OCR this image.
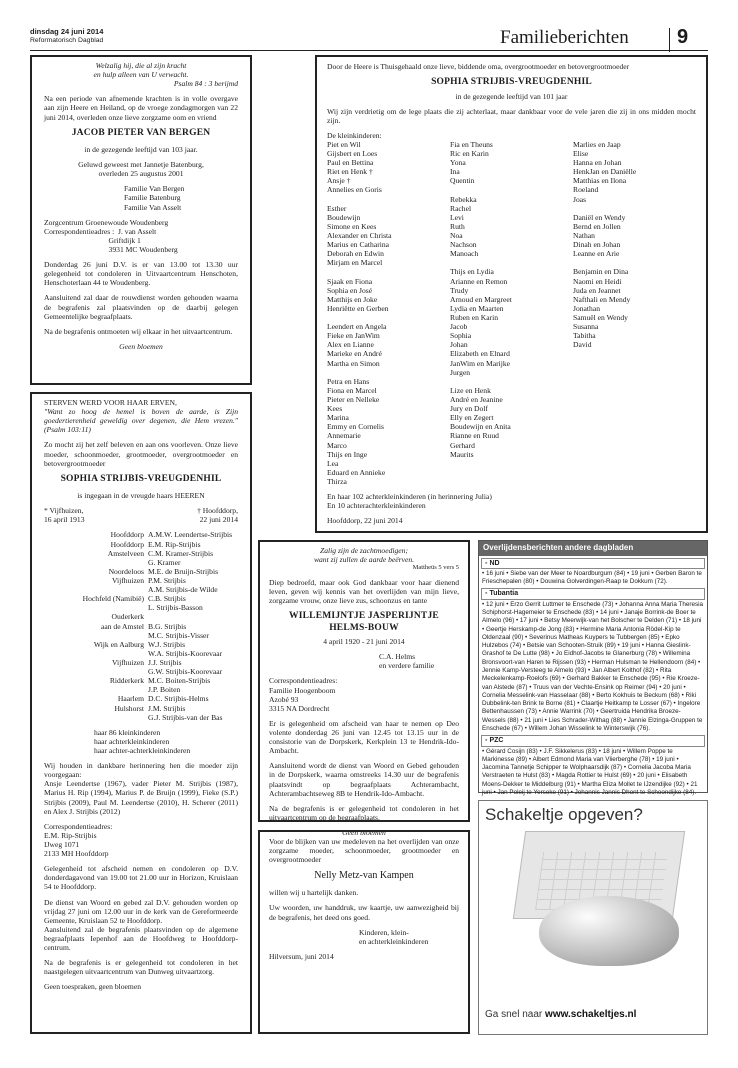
dinsdag 24 juni 2014
Reformatorisch Dagblad	Familieberichten 9
Welzalig hij, die al zijn kracht
en hulp alleen van U verwacht.
Psalm 84 : 3 berijmd
Na een periode van afnemende krachten is in volle overgave aan zijn Heere en Heiland, op de vroege zondagmorgen van 22 juni 2014, overleden onze lieve zorgzame oom en vriend
JACOB PIETER VAN BERGEN
in de gezegende leeftijd van 103 jaar.
Geluwd geweest met Jannetje Batenburg,
overleden 25 augustus 2001
Familie Van Bergen
Familie Batenburg
Familie Van Asselt
Zorgcentrum Groenewoude Woudenberg
Correspondentieadres :  J. van Asselt
Griftdijk 1
3931 MC Woudenberg
Donderdag 26 juni D.V. is er van 13.00 tot 13.30 uur gelegenheid tot condoleren in Uitvaartcentrum Henschoten, Henschoterlaan 44 te Woudenberg.
Aansluitend zal daar de rouwdienst worden gehouden waarna de begrafenis zal plaatsvinden op de daarbij gelegen Gemeentelijke begraafplaats.
Na de begrafenis ontmoeten wij elkaar in het uitvaartcentrum.
Geen bloemen
Door de Heere is Thuisgehaald onze lieve, biddende oma, overgrootmoeder en betovergrootmoeder
SOPHIA STRIJBIS-VREUGDENHIL
in de gezegende leeftijd van 101 jaar
Wij zijn verdrietig om de lege plaats die zij achterlaat, maar dankbaar voor de vele jaren die zij in ons midden mocht zijn.
De kleinkinderen:
Piet en Wil
Gijsbert en Loes
Paul en Bettina
Riet en Henk †
Ansje †
Annelies en Goris

Esther
Boudewijn
Simone en Kees
Alexander en Christa
Marius en Catharina
Deborah en Edwin
Mirjam en Marcel

Sjaak en Fiona
Sophia en José
Matthijs en Joke
Henriëtte en Gerben

Leendert en Angela
Fieke en JanWim
Alex en Lianne
Marieke en André
Martha en Simon

Petra en Hans
Fiona en Marcel
Pieter en Nelleke
Kees
Marina
Emmy en Cornelis
Annemarie
Marco
Thijs en Inge
Lea
Eduard en Annieke
Thirza
Fia en Theuns
Ric en Karin
Yona
Ina
Quentin

Rebekka
Rachel
Levi
Ruth
Noa
Nachson
Manoach

Thijs en Lydia
Arianne en Remon
Trudy
Arnoud en Margreet
Lydia en Maarten
Ruben en Karin
Jacob
Sophia
Johan
Elizabeth en Elnard
JanWim en Marijke
Jurgen

Lize en Henk
André en Jeanine
Jury en Dolf
Elly en Zegert
Boudewijn en Anita
Rianne en Ruud
Gerhard
Maurits
Marlies en Jaap
Elise
Hanna en Johan
HenkJan en Daniëlle
Matthias en Ilona
Roeland
Joas

Daniël en Wendy
Bernd en Jollen
Nathan
Dinah en Johan
Leanne en Arie

Benjamin en Dina
Naomi en Heidi
Juda en Jeannet
Nafthali en Mendy
Jonathan
Samuël en Wendy
Susanna
Tabitha
David
En haar 102 achterkleinkinderen (in herinnering Julia)
En 10 achterachterkleinkinderen
Hoofddorp, 22 juni 2014
STERVEN WERD VOOR HAAR ERVEN,
"Want zo hoog de hemel is boven de aarde, is Zijn goedertierenheid geweldig over degenen, die Hem vrezen." (Psalm 103:11)
Zo mocht zij het zelf beleven en aan ons voorleven. Onze lieve moeder, schoonmoeder, grootmoeder, overgrootmoeder en betovergrootmoeder
SOPHIA STRIJBIS-VREUGDENHIL
is ingegaan in de vreugde haars HEEREN
* Vijfhuizen,
16 april 1913
† Hoofddorp,
22 juni 2014
Hoofddorp
Hoofddorp
Amstelveen

Noordeloos
Vijfhuizen

Hochfeld (Namibië)

Ouderkerk
aan de Amstel

Wijk en Aalburg

Vijfhuizen

Ridderkerk

Haarlem
Hulshorst
A.M.W. Leendertse-Strijbis
E.M. Rip-Strijbis
C.M. Kramer-Strijbis
G. Kramer
M.E. de Bruijn-Strijbis
P.M. Strijbis
A.M. Strijbis-de Wilde
C.B. Strijbis
L. Strijbis-Basson

B.G. Strijbis
M.C. Strijbis-Visser
W.J. Strijbis
W.A. Strijbis-Koorevaar
J.J. Strijbis
G.W. Strijbis-Koorevaar
M.C. Boiten-Strijbis
J.P. Boiten
D.C. Strijbis-Helms
J.M. Strijbis
G.J. Strijbis-van der Bas
haar 86 kleinkinderen
haar achterkleinkinderen
haar achter-achterkleinkinderen
Wij houden in dankbare herinnering hen die moeder zijn voorgegaan:
Ansje Leendertse (1967), vader Pieter M. Strijbis (1987), Marius H. Rip (1994), Marius P. de Bruijn (1999), Fieke (S.P.) Strijbis (2009), Paul M. Leendertse (2010), H. Scherer (2011) en Alex J. Strijbis (2012)
Correspondentieadres:
E.M. Rip-Strijbis
IJweg 1071
2133 MH Hoofddorp
Gelegenheid tot afscheid nemen en condoleren op D.V. donderdagavond van 19.00 tot 21.00 uur in Horizon, Kruislaan 54 te Hoofddorp.
De dienst van Woord en gebed zal D.V. gehouden worden op vrijdag 27 juni om 12.00 uur in de kerk van de Gereformeerde Gemeente, Kruislaan 52 te Hoofddorp.
Aansluitend zal de begrafenis plaatsvinden op de algemene begraafplaats Iepenhof aan de Hoofdweg te Hoofddorp-centrum.
Na de begrafenis is er gelegenheid tot condoleren in het naastgelegen uitvaartcentrum van Dunweg uitvaartzorg.
Geen toespraken, geen bloemen
Zalig zijn de zachtmoedigen;
want zij zullen de aarde beërven.
Mattheüs 5 vers 5
Diep bedroefd, maar ook God dankbaar voor haar dienend leven, geven wij kennis van het overlijden van mijn lieve, zorgzame vrouw, onze lieve zus, schoonzus en tante
WILLEMIJNTJE JASPERIJNTJE
HELMS-BOUW
4 april 1920 - 21 juni 2014
C.A. Helms
en verdere familie
Correspondentieadres:
Familie Hoogenboom
Azobé 93
3315 NA Dordrecht
Er is gelegenheid om afscheid van haar te nemen op Deo volente donderdag 26 juni van 12.45 tot 13.15 uur in de consistorie van de Dorpskerk, Kerkplein 13 te Hendrik-Ido-Ambacht.
Aansluitend wordt de dienst van Woord en Gebed gehouden in de Dorpskerk, waarna omstreeks 14.30 uur de begrafenis plaatsvindt op begraafplaats Achterambacht, Achterambachtseweg 8B te Hendrik-Ido-Ambacht.
Na de begrafenis is er gelegenheid tot condoleren in het uitvaartcentrum op de begraafplaats.
Geen bloemen
Voor de blijken van uw medeleven na het overlijden van onze zorgzame moeder, schoonmoeder, grootmoeder en overgrootmoeder
Nelly Metz-van Kampen
willen wij u hartelijk danken.
Uw woorden, uw handdruk, uw kaartje, uw aanwezigheid bij de begrafenis, het deed ons goed.
Kinderen, klein-
en achterkleinkinderen
Hilversum, juni 2014
Overlijdensberichten andere dagbladen
▪ ND
• 16 juni • Siebe van der Meer te Noardburgum (84) • 19 juni • Gerben Baron te Frieschepalen (80) • Douwina Golverdingen-Raap te Dokkum (72).
▪ Tubantia
• 12 juni • Erzo Gerrit Luttmer te Enschede (73) • Johanna Anna Maria Theresia Schiphorst-Hagemeier te Enschede (83) • 14 juni • Janaje Borrink-de Boer te Almelo (96) • 17 juni • Betsy Meerwijk-van het Bolscher te Delden (71) • 18 juni • Geertje Herskamp-de Jong (83) • Hermine Maria Antonia Rödel-Kip te Oldenzaal (90) • Severinus Matheas Kuypers te Tubbergen (85) • Epko Hulzebos (74) • Betsie van Schooten-Struik (89) • 19 juni • Hanna Gieslink-Grashof te De Lutte (98) • Jo Eidhof-Jacobs te Glanerburg (78) • Willemina Bronsvoort-van Haren te Rijssen (93) • Herman Hulsman te Hellendoorn (84) • Jennie Kamp-Versteeg te Almelo (93) • Jan Albert Kolthof (82) • Rita Meckelenkamp-Roelofs (69) • Gerhard Bakker te Enschede (95) • Rie Kroeze-van Alstede (87) • Truus van der Vechte-Ensink op Reimer (94) • 20 juni • Cornelia Messelink-van Hasselaar (88) • Berto Kokhuis te Beckum (68) • Riki Dubbelink-ten Brink te Borne (81) • Claartje Heitkamp te Losser (67) • Ingelore Bettenhaussen (73) • Annie Warrink (70) • Geertruida Hendrika Broeze-Wessels (88) • 21 juni • Lies Schrader-Withag (88) • Jannie Elzinga-Gruppen te Enschede (67) • Willem Johan Wisselink te Winterswijk (76).
▪ PZC
• Gérard Cosijn (83) • J.F. Sikkelerus (83) • 18 juni • Willem Poppe te Markinesse (89) • Albert Edmond Maria van Vlierberghe (78) • 19 juni • Jacomina Tannetje Schipper te Wolphaarsdijk (87) • Cornelia Jacoba Maria Verstraeten te Hulst (83) • Magda Rottier te Hulst (69) • 20 juni • Elisabeth Moens-Dekker te Middelburg (91) • Martha Eliza Mollet te IJzendijke (92) • 21 juni • Jan Poleij te Yerseke (91) • Johannis Jannis Dhont te Schoondijke (84).
Schakeltje opgeven?
Ga snel naar www.schakeltjes.nl
